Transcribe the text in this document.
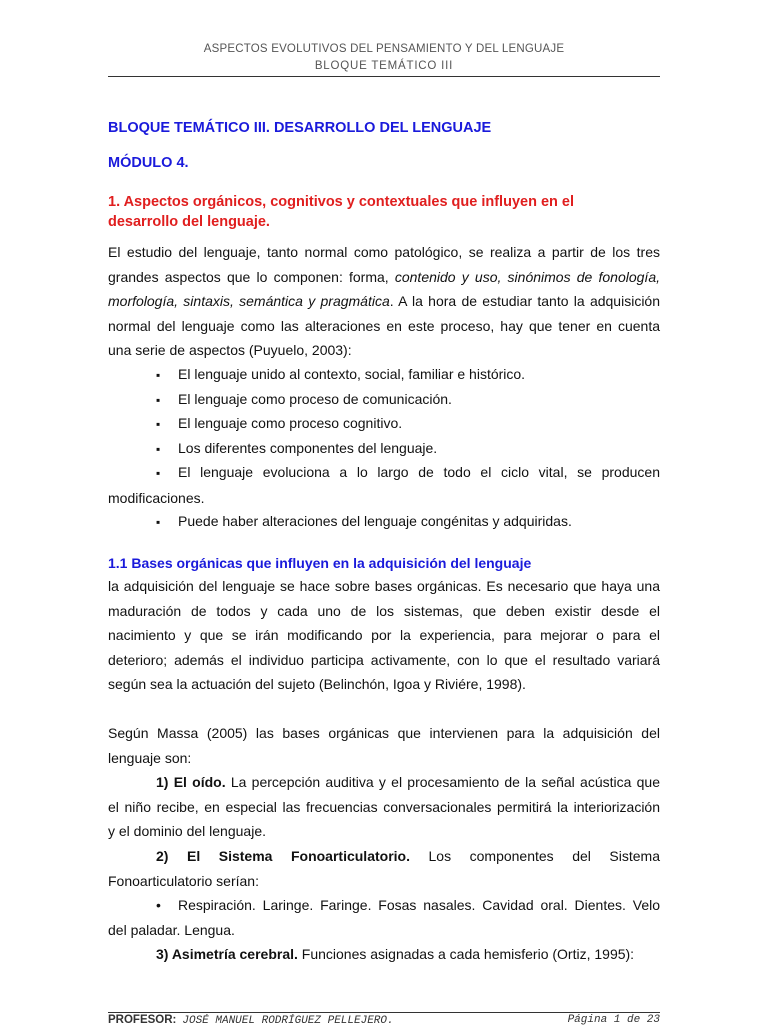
ASPECTOS EVOLUTIVOS DEL PENSAMIENTO Y DEL LENGUAJE
BLOQUE TEMÁTICO III
BLOQUE TEMÁTICO III. DESARROLLO DEL LENGUAJE
MÓDULO 4.
1. Aspectos orgánicos, cognitivos y contextuales que influyen en el
desarrollo del lenguaje.
El estudio del lenguaje, tanto normal como patológico, se realiza a partir de los tres
grandes aspectos que lo componen: forma, contenido y uso, sinónimos de fonología,
morfología, sintaxis, semántica y pragmática. A la hora de estudiar tanto la adquisición
normal del lenguaje como las alteraciones en este proceso, hay que tener en cuenta
una serie de aspectos (Puyuelo, 2003):
▪El lenguaje unido al contexto, social, familiar e histórico.
▪El lenguaje como proceso de comunicación.
▪El lenguaje como proceso cognitivo.
▪Los diferentes componentes del lenguaje.
▪
El lenguaje evoluciona a lo largo de todo el ciclo vital, se producen
modificaciones.
▪Puede haber alteraciones del lenguaje congénitas y adquiridas.
1.1 Bases orgánicas que influyen en la adquisición del lenguaje
la adquisición del lenguaje se hace sobre bases orgánicas. Es necesario que haya una
maduración de todos y cada uno de los sistemas, que deben existir desde el
nacimiento y que se irán modificando por la experiencia, para mejorar o para el
deterioro; además el individuo participa activamente, con lo que el resultado variará
según sea la actuación del sujeto (Belinchón, Igoa y Riviére, 1998).
Según Massa (2005) las bases orgánicas que intervienen para la adquisición del
lenguaje son:
1) El oído. La percepción auditiva y el procesamiento de la señal acústica que
el niño recibe, en especial las frecuencias conversacionales permitirá la interiorización
y el dominio del lenguaje.
2) El Sistema Fonoarticulatorio. Los componentes del Sistema
Fonoarticulatorio serían:
•	Respiración. Laringe. Faringe. Fosas nasales. Cavidad oral. Dientes. Velo
del paladar. Lengua.
3) Asimetría cerebral. Funciones asignadas a cada hemisferio (Ortiz, 1995):
PROFESOR: JOSÉ MANUEL RODRÍGUEZ PELLEJERO.	Página 1 de 23
